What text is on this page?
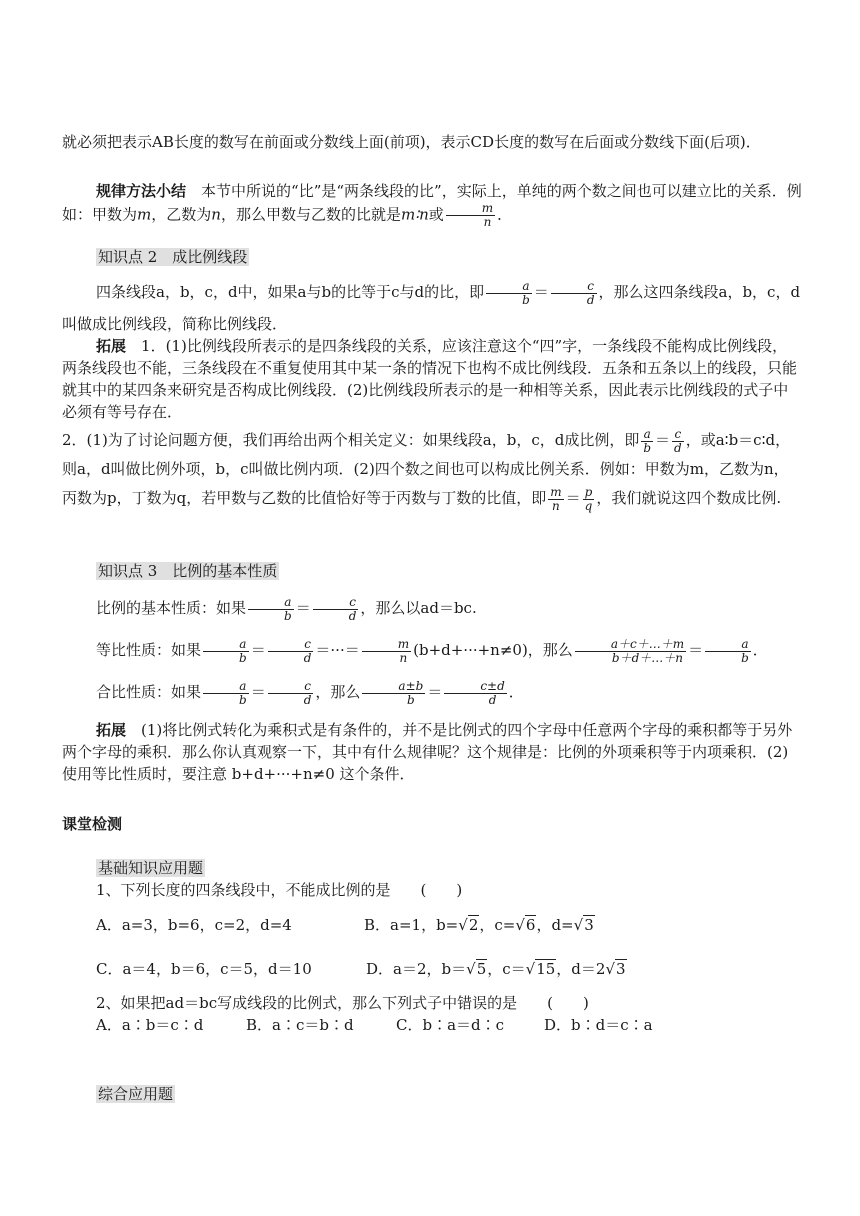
就必须把表示AB长度的数写在前面或分数线上面(前项)，表示CD长度的数写在后面或分数线下面(后项)．
规律方法小结　 本节中所说的“比”是“两条线段的比”，实际上，单纯的两个数之间也可以建立比的关系．例如：甲数为m，乙数为n，那么甲数与乙数的比就是m∶n或 $\frac{m}{n}$ ．
知识点 2　成比例线段
四条线段a，b，c，d中，如果a与b的比等于c与d的比，即 $\frac{a}{b} = \frac{c}{d}$ ，那么这四条线段a，b，c，d叫做成比例线段，简称比例线段．
拓展　 1．(1)比例线段所表示的是四条线段的关系，应该注意这个“四”字，一条线段不能构成比例线段，两条线段也不能，三条线段在不重复使用其中某一条的情况下也构不成比例线段．五条和五条以上的线段，只能就其中的某四条来研究是否构成比例线段．(2)比例线段所表示的是一种相等关系，因此表示比例线段的式子中必须有等号存在．
2．(1)为了讨论问题方便，我们再给出两个相关定义：如果线段a，b，c，d成比例，即 $\frac{a}{b} = \frac{c}{d}$ ，或a∶b＝c∶d，则a，d叫做比例外项，b，c叫做比例内项．(2)四个数之间也可以构成比例关系．例如：甲数为m，乙数为n，丙数为p，丁数为q，若甲数与乙数的比值恰好等于丙数与丁数的比值，即 $\frac{m}{n} = \frac{p}{q}$ ，我们就说这四个数成比例.
知识点 3　比例的基本性质
比例的基本性质：如果 $\frac{a}{b} = \frac{c}{d}$ ，那么以ad＝bc.
等比性质：如果 $\frac{a}{b} = \frac{c}{d}$ ＝···＝ $\frac{m}{n} (b+d+\cdot\cdot\cdot+n\ne 0)$，那么 $\frac{a+c+\dots+m}{b+d+\dots+n} = \frac{a}{b}$ ．
合比性质：如果 $\frac{a}{b} = \frac{c}{d}$ ，那么 $\frac{a\pm b}{b} = \frac{c\pm d}{d}$ ．
拓展　 (1)将比例式转化为乘积式是有条件的，并不是比例式的四个字母中任意两个字母的乘积都等于另外两个字母的乘积．那么你认真观察一下，其中有什么规律呢？这个规律是：比例的外项乘积等于内项乘积．(2)使用等比性质时，要注意 b+d+···+n≠0 这个条件．
课堂检测
基础知识应用题
1、下列长度的四条线段中，不能成比例的是　　(　　)
A．a=3，b=6，c=2，d=4	B．a=1，b=√2，c=√6，d=√3
C．a＝4，b＝6，c＝5，d＝10	D．a＝2，b＝√5，c＝√15，d＝2√3
2、如果把ad＝bc写成线段的比例式，那么下列式子中错误的是　　(　　)
A．a∶b＝c∶d	B．a∶c＝b∶d	C．b∶a＝d∶c	D．b∶d＝c∶a
综合应用题
